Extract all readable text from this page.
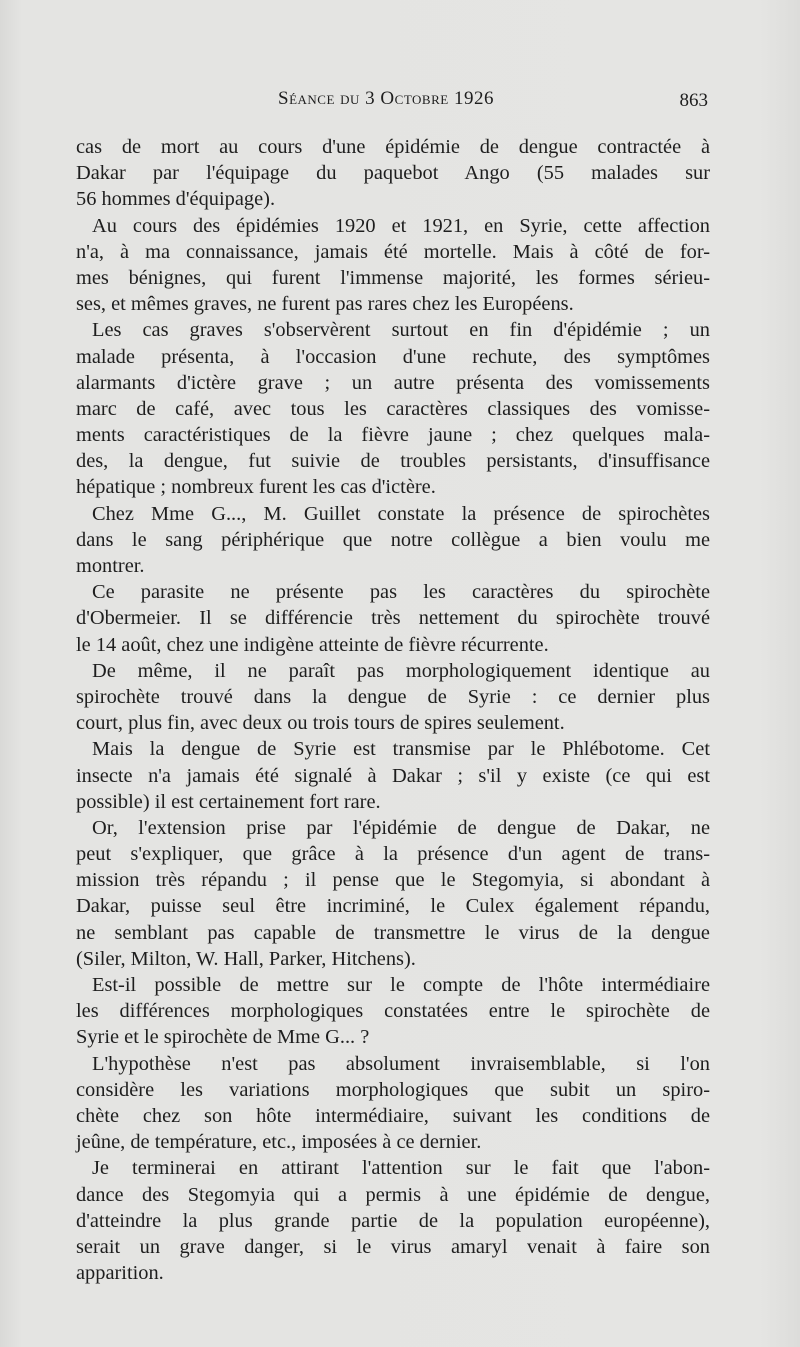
Séance du 3 Octobre 1926	863
cas de mort au cours d'une épidémie de dengue contractée à
Dakar par l'équipage du paquebot Ango (55 malades sur
56 hommes d'équipage).
Au cours des épidémies 1920 et 1921, en Syrie, cette affection
n'a, à ma connaissance, jamais été mortelle. Mais à côté de for-
mes bénignes, qui furent l'immense majorité, les formes sérieu-
ses, et mêmes graves, ne furent pas rares chez les Européens.
Les cas graves s'observèrent surtout en fin d'épidémie ; un
malade présenta, à l'occasion d'une rechute, des symptômes
alarmants d'ictère grave ; un autre présenta des vomissements
marc de café, avec tous les caractères classiques des vomisse-
ments caractéristiques de la fièvre jaune ; chez quelques mala-
des, la dengue, fut suivie de troubles persistants, d'insuffisance
hépatique ; nombreux furent les cas d'ictère.
Chez Mme G..., M. Guillet constate la présence de spirochètes
dans le sang périphérique que notre collègue a bien voulu me
montrer.
Ce parasite ne présente pas les caractères du spirochète
d'Obermeier. Il se différencie très nettement du spirochète trouvé
le 14 août, chez une indigène atteinte de fièvre récurrente.
De même, il ne paraît pas morphologiquement identique au
spirochète trouvé dans la dengue de Syrie : ce dernier plus
court, plus fin, avec deux ou trois tours de spires seulement.
Mais la dengue de Syrie est transmise par le Phlébotome. Cet
insecte n'a jamais été signalé à Dakar ; s'il y existe (ce qui est
possible) il est certainement fort rare.
Or, l'extension prise par l'épidémie de dengue de Dakar, ne
peut s'expliquer, que grâce à la présence d'un agent de trans-
mission très répandu ; il pense que le Stegomyia, si abondant à
Dakar, puisse seul être incriminé, le Culex également répandu,
ne semblant pas capable de transmettre le virus de la dengue
(Siler, Milton, W. Hall, Parker, Hitchens).
Est-il possible de mettre sur le compte de l'hôte intermédiaire
les différences morphologiques constatées entre le spirochète de
Syrie et le spirochète de Mme G... ?
L'hypothèse n'est pas absolument invraisemblable, si l'on
considère les variations morphologiques que subit un spiro-
chète chez son hôte intermédiaire, suivant les conditions de
jeûne, de température, etc., imposées à ce dernier.
Je terminerai en attirant l'attention sur le fait que l'abon-
dance des Stegomyia qui a permis à une épidémie de dengue,
d'atteindre la plus grande partie de la population européenne),
serait un grave danger, si le virus amaryl venait à faire son
apparition.
